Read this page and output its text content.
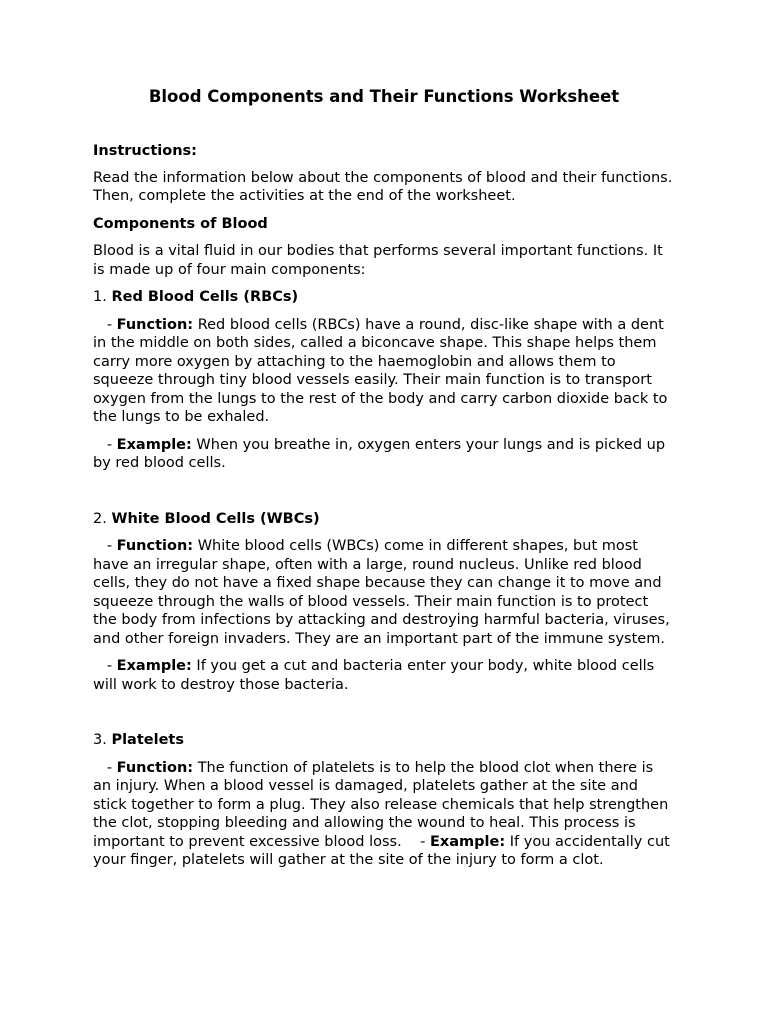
Blood Components and Their Functions Worksheet
Instructions:
Read the information below about the components of blood and their functions. Then, complete the activities at the end of the worksheet.
Components of Blood
Blood is a vital fluid in our bodies that performs several important functions. It is made up of four main components:
1. Red Blood Cells (RBCs)
- Function: Red blood cells (RBCs) have a round, disc-like shape with a dent in the middle on both sides, called a biconcave shape. This shape helps them carry more oxygen by attaching to the haemoglobin and allows them to squeeze through tiny blood vessels easily. Their main function is to transport oxygen from the lungs to the rest of the body and carry carbon dioxide back to the lungs to be exhaled.
- Example: When you breathe in, oxygen enters your lungs and is picked up by red blood cells.
2. White Blood Cells (WBCs)
- Function: White blood cells (WBCs) come in different shapes, but most have an irregular shape, often with a large, round nucleus. Unlike red blood cells, they do not have a fixed shape because they can change it to move and squeeze through the walls of blood vessels. Their main function is to protect the body from infections by attacking and destroying harmful bacteria, viruses, and other foreign invaders. They are an important part of the immune system.
- Example: If you get a cut and bacteria enter your body, white blood cells will work to destroy those bacteria.
3. Platelets
- Function: The function of platelets is to help the blood clot when there is an injury. When a blood vessel is damaged, platelets gather at the site and stick together to form a plug. They also release chemicals that help strengthen the clot, stopping bleeding and allowing the wound to heal. This process is important to prevent excessive blood loss.    - Example: If you accidentally cut your finger, platelets will gather at the site of the injury to form a clot.
